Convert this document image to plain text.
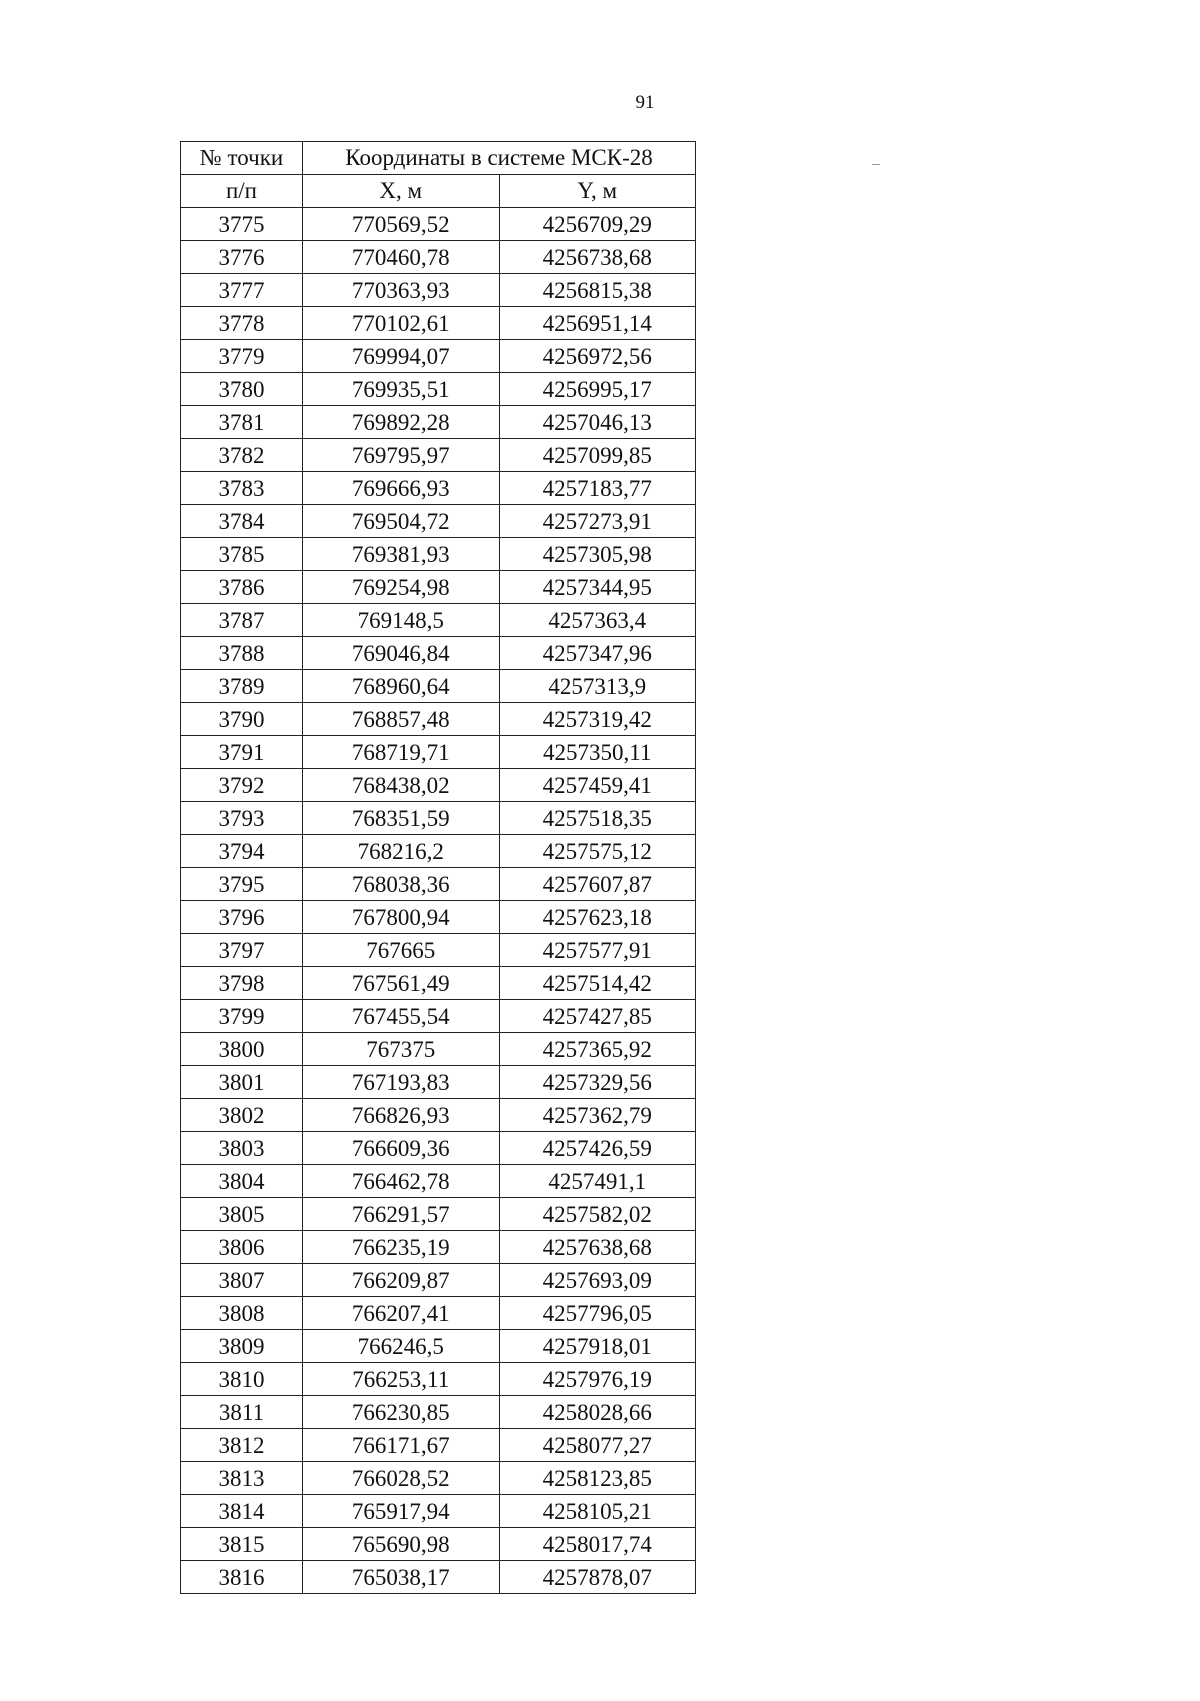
91
№ точки	Координаты в системе МСК-28	
п/п	X, м	Y, м
3775	770569,52	4256709,29
3776	770460,78	4256738,68
3777	770363,93	4256815,38
3778	770102,61	4256951,14
3779	769994,07	4256972,56
3780	769935,51	4256995,17
3781	769892,28	4257046,13
3782	769795,97	4257099,85
3783	769666,93	4257183,77
3784	769504,72	4257273,91
3785	769381,93	4257305,98
3786	769254,98	4257344,95
3787	769148,5	4257363,4
3788	769046,84	4257347,96
3789	768960,64	4257313,9
3790	768857,48	4257319,42
3791	768719,71	4257350,11
3792	768438,02	4257459,41
3793	768351,59	4257518,35
3794	768216,2	4257575,12
3795	768038,36	4257607,87
3796	767800,94	4257623,18
3797	767665	4257577,91
3798	767561,49	4257514,42
3799	767455,54	4257427,85
3800	767375	4257365,92
3801	767193,83	4257329,56
3802	766826,93	4257362,79
3803	766609,36	4257426,59
3804	766462,78	4257491,1
3805	766291,57	4257582,02
3806	766235,19	4257638,68
3807	766209,87	4257693,09
3808	766207,41	4257796,05
3809	766246,5	4257918,01
3810	766253,11	4257976,19
3811	766230,85	4258028,66
3812	766171,67	4258077,27
3813	766028,52	4258123,85
3814	765917,94	4258105,21
3815	765690,98	4258017,74
3816	765038,17	4257878,07
